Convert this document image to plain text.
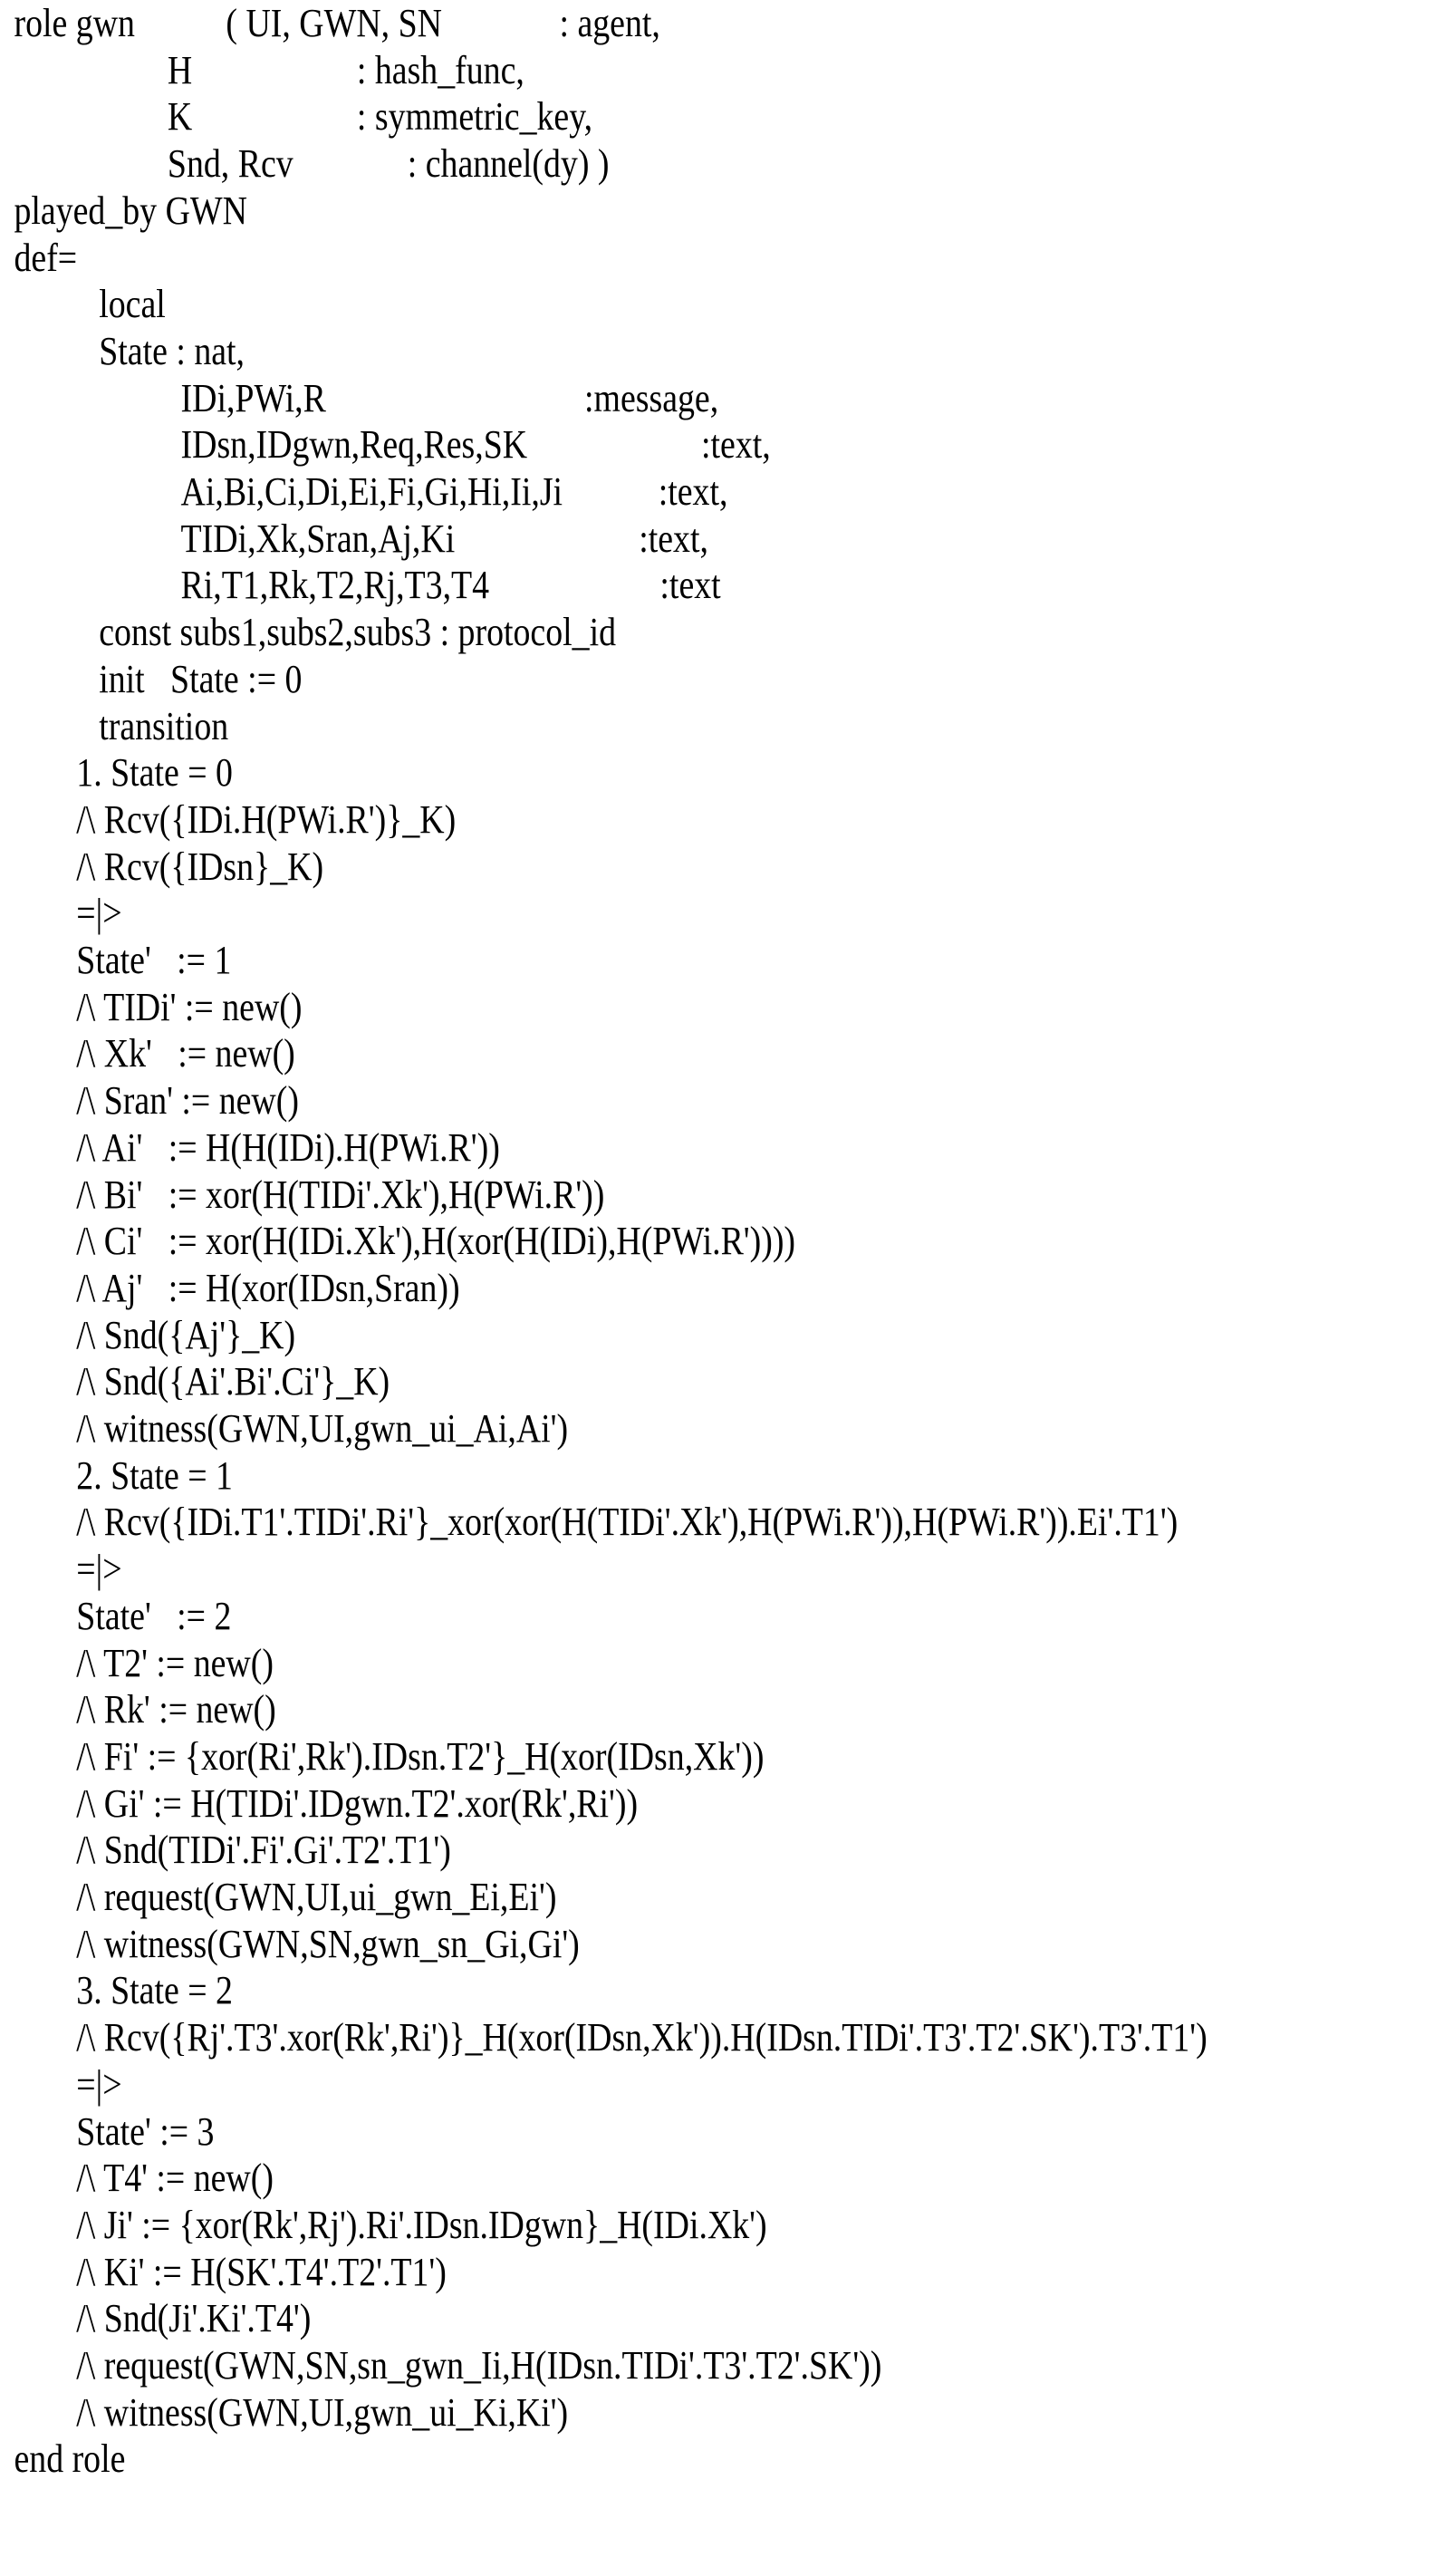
role gwn

( UI, GWN, SN

	: agent,

H

	: hash_func,

K

	: symmetric_key,

Snd, Rcv

	: channel(dy) )

played_by GWN

def=

local

State : nat,

IDi,PWi,R

	:message,

IDsn,IDgwn,Req,Res,SK

	:text,

Ai,Bi,Ci,Di,Ei,Fi,Gi,Hi,Ii,Ji

:text,

TIDi,Xk,Sran,Aj,Ki

	:text,

Ri,T1,Rk,T2,Rj,T3,T4

	:text

const subs1,subs2,subs3 : protocol_id

init   State := 0

transition

1. State = 0
/\ Rcv({IDi.H(PWi.R')}_K)
/\ Rcv({IDsn}_K)
=|>
State'   := 1
/\ TIDi' := new()
/\ Xk'   := new()
/\ Sran' := new()
/\ Ai'   := H(H(IDi).H(PWi.R'))
/\ Bi'   := xor(H(TIDi'.Xk'),H(PWi.R'))
/\ Ci'   := xor(H(IDi.Xk'),H(xor(H(IDi),H(PWi.R'))))
/\ Aj'   := H(xor(IDsn,Sran))
/\ Snd({Aj'}_K)
/\ Snd({Ai'.Bi'.Ci'}_K)
/\ witness(GWN,UI,gwn_ui_Ai,Ai')
2. State = 1
/\ Rcv({IDi.T1'.TIDi'.Ri'}_xor(xor(H(TIDi'.Xk'),H(PWi.R')),H(PWi.R')).Ei'.T1')
=|>
State'   := 2
/\ T2' := new()
/\ Rk' := new()
/\ Fi' := {xor(Ri',Rk').IDsn.T2'}_H(xor(IDsn,Xk'))
/\ Gi' := H(TIDi'.IDgwn.T2'.xor(Rk',Ri'))
/\ Snd(TIDi'.Fi'.Gi'.T2'.T1')
/\ request(GWN,UI,ui_gwn_Ei,Ei')
/\ witness(GWN,SN,gwn_sn_Gi,Gi')
3. State = 2
/\ Rcv({Rj'.T3'.xor(Rk',Ri')}_H(xor(IDsn,Xk')).H(IDsn.TIDi'.T3'.T2'.SK').T3'.T1')
=|>
State' := 3
/\ T4' := new()
/\ Ji' := {xor(Rk',Rj').Ri'.IDsn.IDgwn}_H(IDi.Xk')
/\ Ki' := H(SK'.T4'.T2'.T1')
/\ Snd(Ji'.Ki'.T4')
/\ request(GWN,SN,sn_gwn_Ii,H(IDsn.TIDi'.T3'.T2'.SK'))
/\ witness(GWN,UI,gwn_ui_Ki,Ki')

end role
